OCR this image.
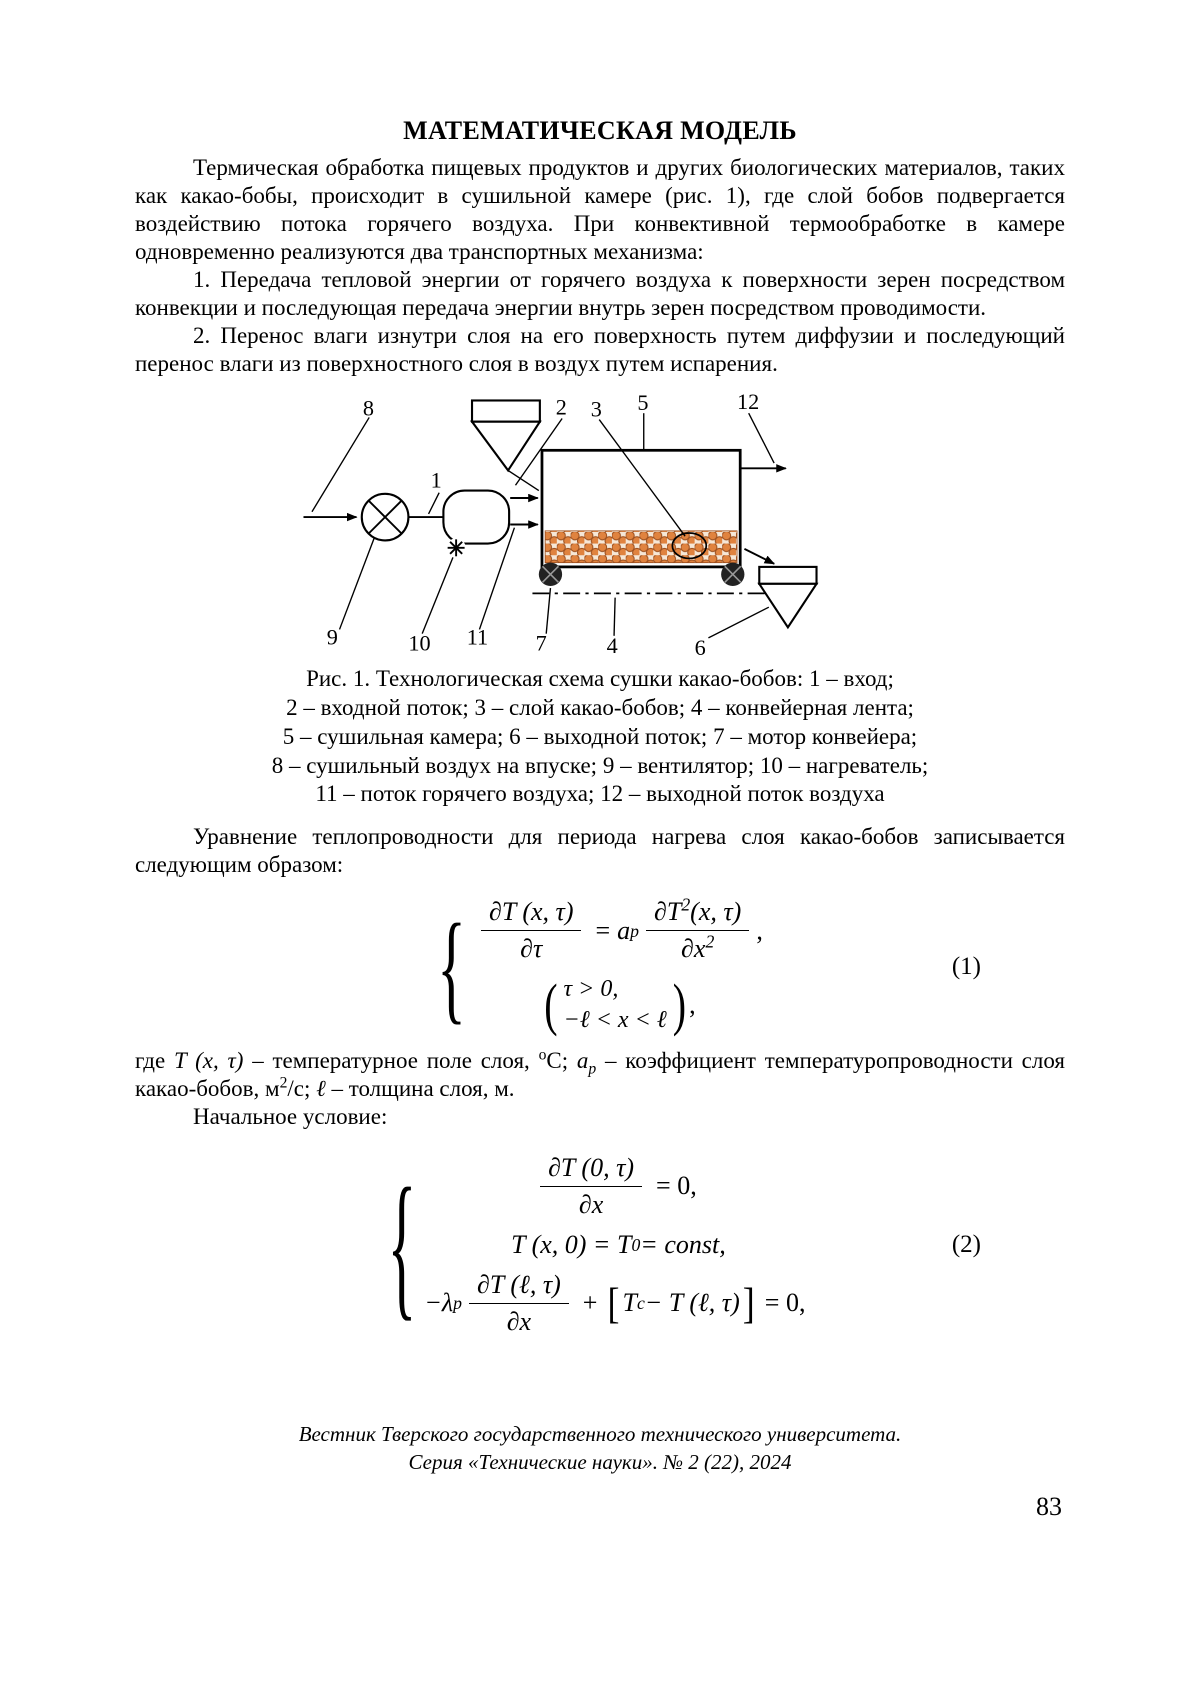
МАТЕМАТИЧЕСКАЯ МОДЕЛЬ

Термическая обработка пищевых продуктов и других биологических материалов, таких как какао-бобы, происходит в сушильной камере (рис. 1), где слой бобов подвергается воздействию потока горячего воздуха. При конвективной термообработке в камере одновременно реализуются два транспортных механизма:

1. Передача тепловой энергии от горячего воздуха к поверхности зерен посредством конвекции и последующая передача энергии внутрь зерен посредством проводимости.

2. Перенос влаги изнутри слоя на его поверхность путем диффузии и последующий перенос влаги из поверхностного слоя в воздух путем испарения.

8
1
2 3 5	12
9	10 11 7	4	6
Рис. 1. Технологическая схема сушки какао-бобов: 1 – вход;
2 – входной поток; 3 – слой какао-бобов; 4 – конвейерная лента;
5 – сушильная камера; 6 – выходной поток; 7 – мотор конвейера;
8 – сушильный воздух на впуске; 9 – вентилятор; 10 – нагреватель;
11 – поток горячего воздуха; 12 – выходной поток воздуха

Уравнение теплопроводности для периода нагрева слоя какао-бобов записывается следующим образом:

{ $\frac{\partial T (x, \tau)}{\partial\tau} = a$ p $\frac{\partial T^2(x, \tau)}{\partial x^2}$ ,
( τ > 0,
−ℓ < x < ℓ ) ,
(1)

где T (x, τ) – температурное поле слоя, $^о$С; $a_p$ – коэффициент температуропроводности слоя какао-бобов, $м^2/с$; ℓ – толщина слоя, м.

Начальное условие:

{	$\frac{\partial T (0, \tau)}{\partial x} = 0$,
T (x, 0) = T 0 = const,
−λ p $\frac{\text{∂T (ℓ, τ)}}{\partial x}$ + [ T c − T (ℓ, τ) ] = 0,
(2)
Вестник Тверского государственного технического университета.
Серия «Технические науки». № 2 (22), 2024
83
